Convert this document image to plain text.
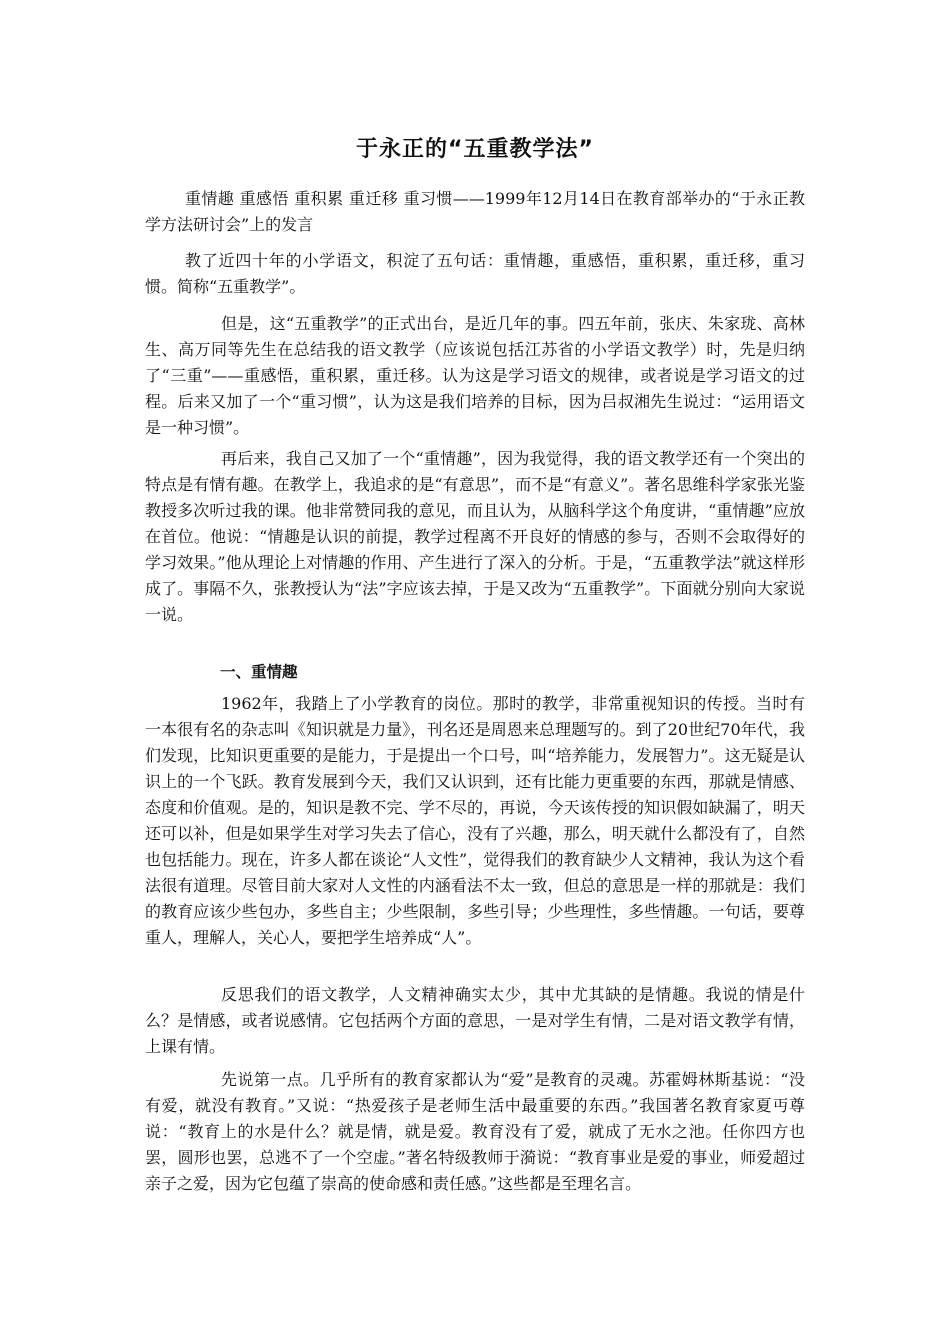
于永正的“五重教学法”

重情趣 重感悟 重积累 重迁移 重习惯——1999年12月14日在教育部举办的“于永正教学方法研讨会”上的发言

教了近四十年的小学语文，积淀了五句话：重情趣，重感悟，重积累，重迁移，重习惯。简称“五重教学”。

但是，这“五重教学”的正式出台，是近几年的事。四五年前，张庆、朱家珑、高林生、高万同等先生在总结我的语文教学（应该说包括江苏省的小学语文教学）时，先是归纳了“三重”——重感悟，重积累，重迁移。认为这是学习语文的规律，或者说是学习语文的过程。后来又加了一个“重习惯”，认为这是我们培养的目标，因为吕叔湘先生说过：“运用语文是一种习惯”。

再后来，我自己又加了一个“重情趣”，因为我觉得，我的语文教学还有一个突出的特点是有情有趣。在教学上，我追求的是“有意思”，而不是“有意义”。著名思维科学家张光鉴教授多次听过我的课。他非常赞同我的意见，而且认为，从脑科学这个角度讲，“重情趣”应放在首位。他说：“情趣是认识的前提，教学过程离不开良好的情感的参与，否则不会取得好的学习效果。”他从理论上对情趣的作用、产生进行了深入的分析。于是，“五重教学法”就这样形成了。事隔不久，张教授认为“法”字应该去掉，于是又改为“五重教学”。下面就分别向大家说一说。

一、重情趣

1962年，我踏上了小学教育的岗位。那时的教学，非常重视知识的传授。当时有一本很有名的杂志叫《知识就是力量》，刊名还是周恩来总理题写的。到了20世纪70年代，我们发现，比知识更重要的是能力，于是提出一个口号，叫“培养能力，发展智力”。这无疑是认识上的一个飞跃。教育发展到今天，我们又认识到，还有比能力更重要的东西，那就是情感、态度和价值观。是的，知识是教不完、学不尽的，再说，今天该传授的知识假如缺漏了，明天还可以补，但是如果学生对学习失去了信心，没有了兴趣，那么，明天就什么都没有了，自然也包括能力。现在，许多人都在谈论“人文性”，觉得我们的教育缺少人文精神，我认为这个看法很有道理。尽管目前大家对人文性的内涵看法不太一致，但总的意思是一样的那就是：我们的教育应该少些包办，多些自主；少些限制，多些引导；少些理性，多些情趣。一句话，要尊重人，理解人，关心人，要把学生培养成“人”。

反思我们的语文教学，人文精神确实太少，其中尤其缺的是情趣。我说的情是什么？是情感，或者说感情。它包括两个方面的意思，一是对学生有情，二是对语文教学有情，上课有情。

先说第一点。几乎所有的教育家都认为“爱”是教育的灵魂。苏霍姆林斯基说：“没有爱，就没有教育。”又说：“热爱孩子是老师生活中最重要的东西。”我国著名教育家夏丏尊说：“教育上的水是什么？就是情，就是爱。教育没有了爱，就成了无水之池。任你四方也罢，圆形也罢，总逃不了一个空虚。”著名特级教师于漪说：“教育事业是爱的事业，师爱超过亲子之爱，因为它包蕴了崇高的使命感和责任感。”这些都是至理名言。
